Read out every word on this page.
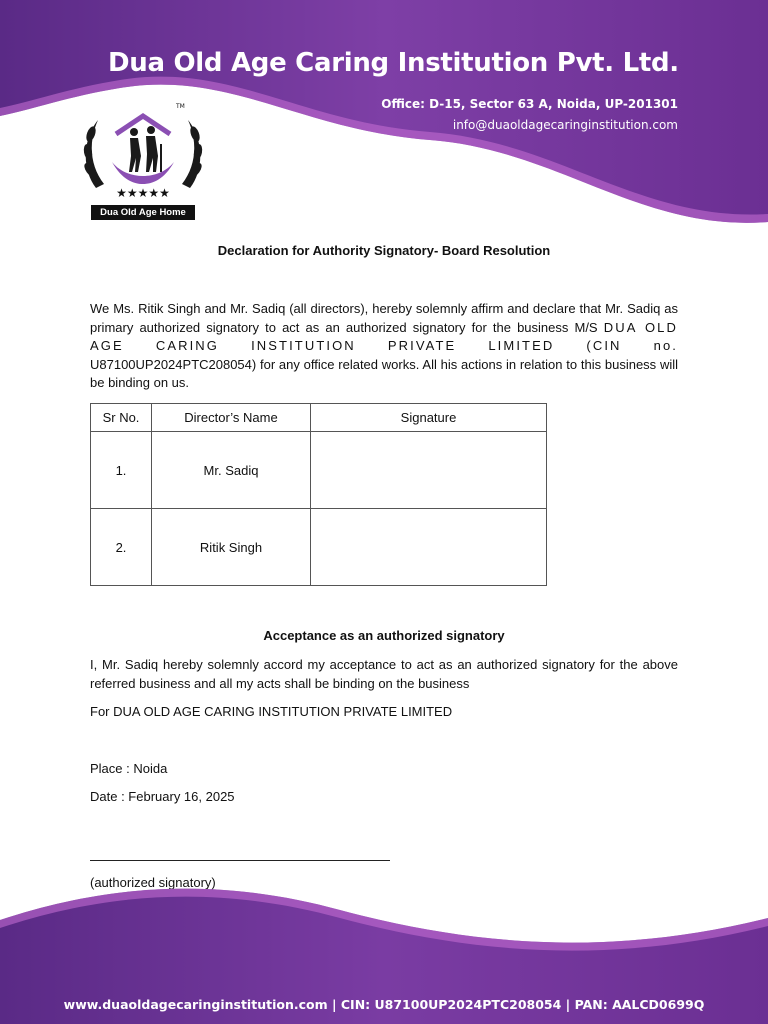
Dua Old Age Caring Institution Pvt. Ltd.
Office: D-15, Sector 63 A, Noida, UP-201301
info@duaoldagecaringinstitution.com
★★★★★
TM
Dua Old Age Home
Declaration for Authority Signatory- Board Resolution

We Ms. Ritik Singh and Mr. Sadiq (all directors), hereby solemnly affirm and declare that Mr. Sadiq as primary authorized signatory to act as an authorized signatory for the business M/S DUA OLD AGE CARING INSTITUTION PRIVATE LIMITED (CIN no. U87100UP2024PTC208054) for any office related works. All his actions in relation to this business will be binding on us.

Sr No.	Director’s Name	Signature
1.	Mr. Sadiq	
2.	Ritik Singh	
Acceptance as an authorized signatory

I, Mr. Sadiq hereby solemnly accord my acceptance to act as an authorized signatory for the above referred business and all my acts shall be binding on the business

For DUA OLD AGE CARING INSTITUTION PRIVATE LIMITED
Place : Noida
Date : February 16, 2025
(authorized signatory)
www.duaoldagecaringinstitution.com | CIN: U87100UP2024PTC208054 | PAN: AALCD0699Q
